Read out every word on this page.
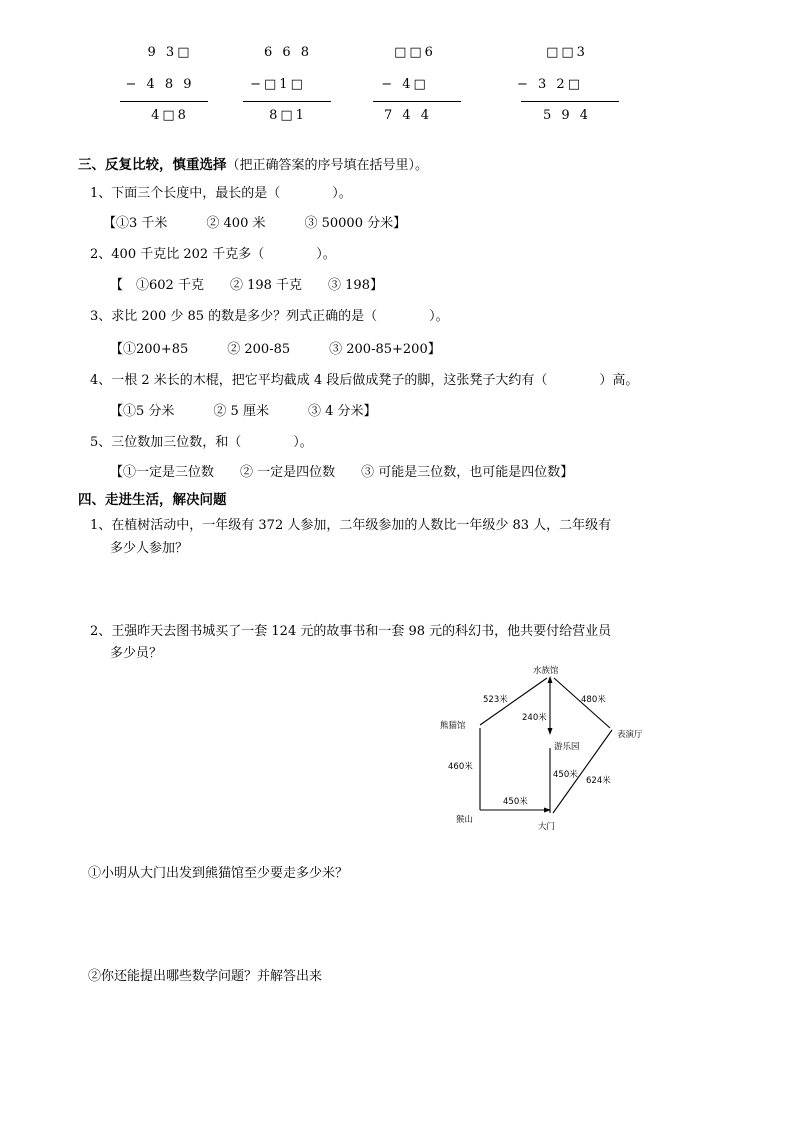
9 3□
− 4 8 9
4□8
6 6 8
−□1□
8□1
□□6
− 4□
7 4 4
□□3
− 3 2□
5 9 4
三、反复比较，慎重选择（把正确答案的序号填在括号里）。
1、下面三个长度中，最长的是（　　　　）。
【①3 千米　　　② 400 米　　　③ 50000 分米】
2、400 千克比 202 千克多（　　　　）。
【　①602 千克　　② 198 千克　　③ 198】
3、求比 200 少 85 的数是多少？列式正确的是（　　　　）。
【①200+85　　　② 200-85　　　③ 200-85+200】
4、一根 2 米长的木棍，把它平均截成 4 段后做成凳子的脚，这张凳子大约有（　　　　）高。
【①5 分米　　　② 5 厘米　　　③ 4 分米】
5、三位数加三位数，和（　　　　）。
【①一定是三位数　　② 一定是四位数　　③ 可能是三位数，也可能是四位数】
四、走进生活，解决问题
1、在植树活动中，一年级有 372 人参加，二年级参加的人数比一年级少 83 人，二年级有
多少人参加？
2、王强昨天去图书城买了一套 124 元的故事书和一套 98 元的科幻书，他共要付给营业员
多少员？
水族馆
熊猫馆
表演厅
游乐园
猴山
大门
523米	480米
240米
460米
450米
624米
450米
①小明从大门出发到熊猫馆至少要走多少米？
②你还能提出哪些数学问题？并解答出来
